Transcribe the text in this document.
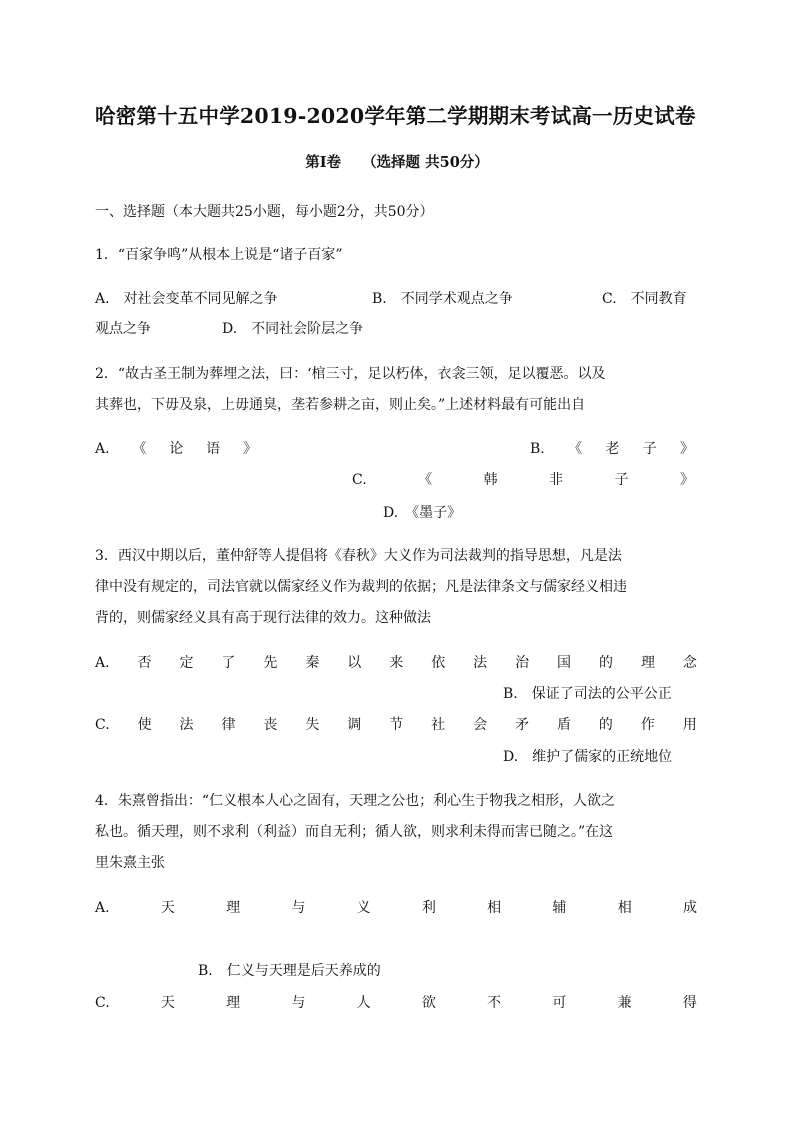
哈密第十五中学2019-2020学年第二学期期末考试高一历史试卷
第Ⅰ卷 （选择题 共50分）
一、选择题（本大题共25小题，每小题2分，共50分）
1．“百家争鸣”从根本上说是“诸子百家”
A.　对社会变革不同见解之争	B.　不同学术观点之争	C.　不同教育
观点之争	D.　不同社会阶层之争
2．“故古圣王制为葬埋之法，曰：‘棺三寸，足以朽体，衣衾三领，足以覆恶。以及
其葬也，下毋及泉，上毋通臭，垄若参耕之亩，则止矣。”上述材料最有可能出自
A. 《 论 语 》	B. 《 老 子 》
C.	《	韩	非	子	》
D.　《墨子》
3．西汉中期以后，董仲舒等人提倡将《春秋》大义作为司法裁判的指导思想，凡是法
律中没有规定的，司法官就以儒家经义作为裁判的依据；凡是法律条文与儒家经义相违
背的，则儒家经义具有高于现行法律的效力。这种做法
A. 否 定 了 先 秦 以 来 依 法 治 国 的 理 念
B.　保证了司法的公平公正
C. 使 法 律 丧 失 调 节 社 会 矛 盾 的 作 用
D.　维护了儒家的正统地位
4．朱熹曾指出：“仁义根本人心之固有，天理之公也；利心生于物我之相形，人欲之
私也。循天理，则不求利（利益）而自无利；循人欲，则求利未得而害已随之。”在这
里朱熹主张
A.	天	理	与	义	利	相	辅	相	成
B.　仁义与天理是后天养成的
C.	天	理	与	人	欲	不	可	兼	得
